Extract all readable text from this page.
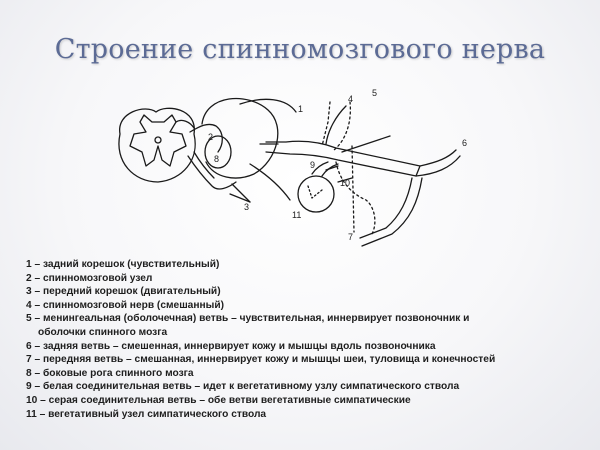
Строение спинномозгового нерва
1
2
3
4
5
6
7
8
9
10
11
1 – задний корешок (чувствительный)
2 – спинномозговой узел
3 – передний корешок (двигательный)
4 – спинномозговой нерв (смешанный)
5 – менингеальная (оболочечная) ветвь – чувствительная, иннервирует позвоночник и
оболочки спинного мозга
6 – задняя ветвь – смешенная, иннервирует кожу и мышцы вдоль позвоночника
7 – передняя ветвь – смешанная, иннервирует кожу и мышцы шеи, туловища и конечностей
8 – боковые рога спинного мозга
9 – белая соединительная ветвь – идет к вегетативному узлу симпатического ствола
10 – серая соединительная ветвь – обе ветви вегетативные симпатические
11 – вегетативный узел симпатического ствола
